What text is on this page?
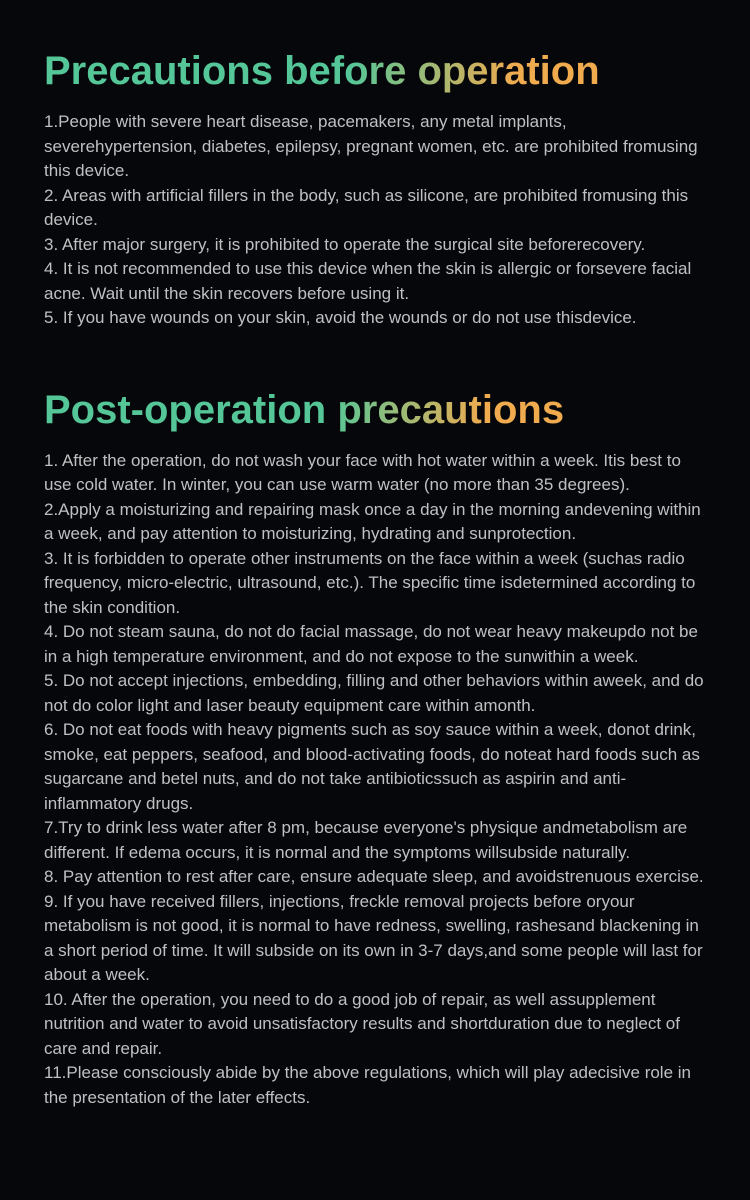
Precautions before operation

1.People with severe heart disease, pacemakers, any metal implants, severehypertension, diabetes, epilepsy, pregnant women, etc. are prohibited fromusing this device.

2. Areas with artificial fillers in the body, such as silicone, are prohibited fromusing this device.

3. After major surgery, it is prohibited to operate the surgical site beforerecovery.

4. It is not recommended to use this device when the skin is allergic or forsevere facial acne. Wait until the skin recovers before using it.

5. If you have wounds on your skin, avoid the wounds or do not use thisdevice.

Post-operation precautions

1. After the operation, do not wash your face with hot water within a week. Itis best to use cold water. In winter, you can use warm water (no more than 35 degrees).

2.Apply a moisturizing and repairing mask once a day in the morning andevening within a week, and pay attention to moisturizing, hydrating and sunprotection.

3. It is forbidden to operate other instruments on the face within a week (suchas radio frequency, micro-electric, ultrasound, etc.). The specific time isdetermined according to the skin condition.

4. Do not steam sauna, do not do facial massage, do not wear heavy makeupdo not be in a high temperature environment, and do not expose to the sunwithin a week.

5. Do not accept injections, embedding, filling and other behaviors within aweek, and do not do color light and laser beauty equipment care within amonth.

6. Do not eat foods with heavy pigments such as soy sauce within a week, donot drink, smoke, eat peppers, seafood, and blood-activating foods, do noteat hard foods such as sugarcane and betel nuts, and do not take antibioticssuch as aspirin and anti-inflammatory drugs.

7.Try to drink less water after 8 pm, because everyone's physique andmetabolism are different. If edema occurs, it is normal and the symptoms willsubside naturally.

8. Pay attention to rest after care, ensure adequate sleep, and avoidstrenuous exercise.

9. If you have received fillers, injections, freckle removal projects before oryour metabolism is not good, it is normal to have redness, swelling, rashesand blackening in a short period of time. It will subside on its own in 3-7 days,and some people will last for about a week.

10. After the operation, you need to do a good job of repair, as well assupplement nutrition and water to avoid unsatisfactory results and shortduration due to neglect of care and repair.

11.Please consciously abide by the above regulations, which will play adecisive role in the presentation of the later effects.
